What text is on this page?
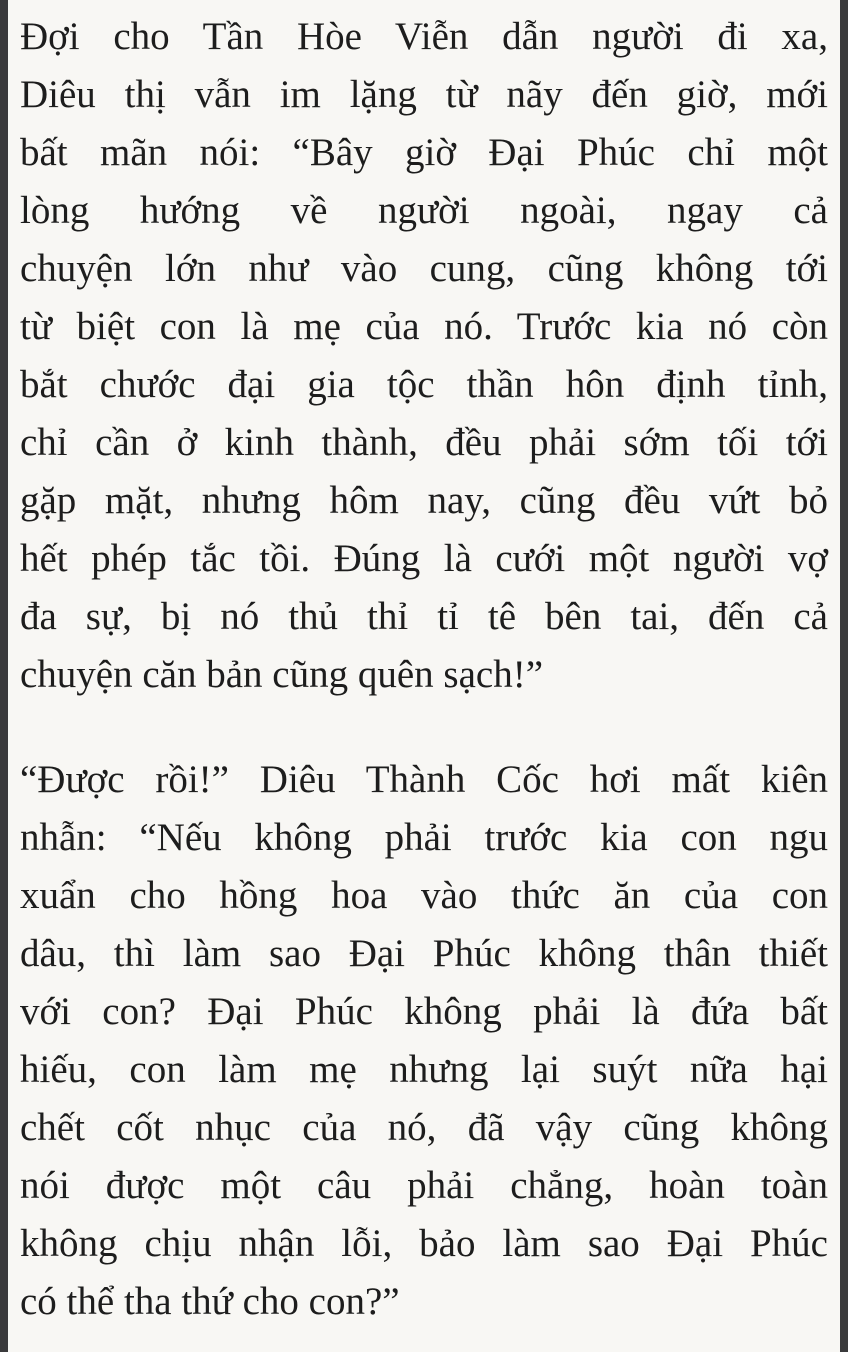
Đợi cho Tần Hòe Viễn dẫn người đi xa,
Diêu thị vẫn im lặng từ nãy đến giờ, mới
bất mãn nói: “Bây giờ Đại Phúc chỉ một
lòng hướng về người ngoài, ngay cả
chuyện lớn như vào cung, cũng không tới
từ biệt con là mẹ của nó. Trước kia nó còn
bắt chước đại gia tộc thần hôn định tỉnh,
chỉ cần ở kinh thành, đều phải sớm tối tới
gặp mặt, nhưng hôm nay, cũng đều vứt bỏ
hết phép tắc tồi. Đúng là cưới một người vợ
đa sự, bị nó thủ thỉ tỉ tê bên tai, đến cả
chuyện căn bản cũng quên sạch!”
“Được rồi!” Diêu Thành Cốc hơi mất kiên
nhẫn: “Nếu không phải trước kia con ngu
xuẩn cho hồng hoa vào thức ăn của con
dâu, thì làm sao Đại Phúc không thân thiết
với con? Đại Phúc không phải là đứa bất
hiếu, con làm mẹ nhưng lại suýt nữa hại
chết cốt nhục của nó, đã vậy cũng không
nói được một câu phải chẳng, hoàn toàn
không chịu nhận lỗi, bảo làm sao Đại Phúc
có thể tha thứ cho con?”
